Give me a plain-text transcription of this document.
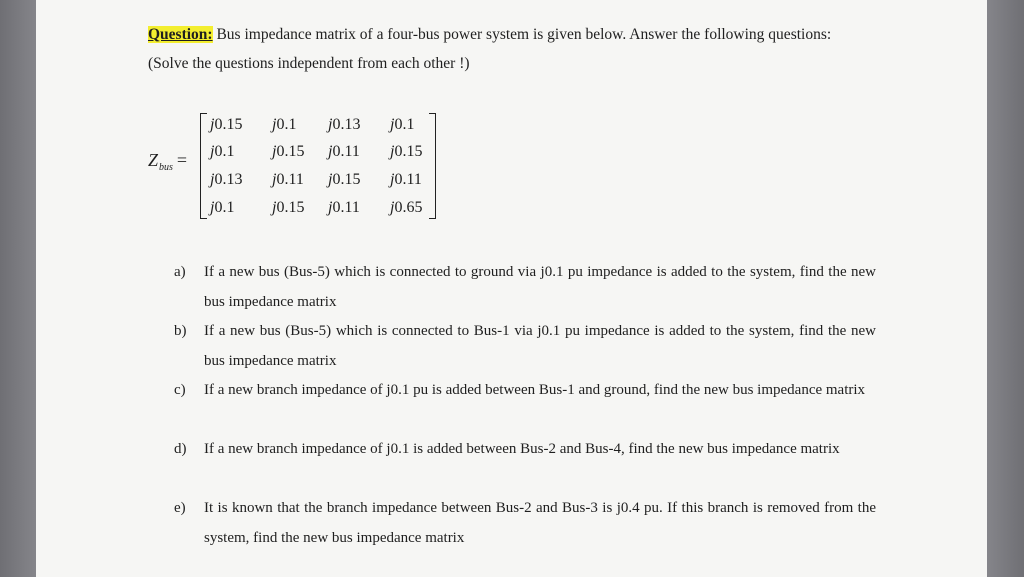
Question: Bus impedance matrix of a four-bus power system is given below. Answer the following questions: (Solve the questions independent from each other !)
$Z_{bus}$ =
j0.15 j0.1 j0.13 j0.1
j0.1 j0.15 j0.11 j0.15
j0.13 j0.11 j0.15 j0.11
j0.1 j0.15 j0.11 j0.65
a) If a new bus (Bus-5) which is connected to ground via j0.1 pu impedance is added to the system, find the new bus impedance matrix
b) If a new bus (Bus-5) which is connected to Bus-1 via j0.1 pu impedance is added to the system, find the new bus impedance matrix
c) If a new branch impedance of j0.1 pu is added between Bus-1 and ground, find the new bus impedance matrix
d) If a new branch impedance of j0.1 is added between Bus-2 and Bus-4, find the new bus impedance matrix
e) It is known that the branch impedance between Bus-2 and Bus-3 is j0.4 pu. If this branch is removed from the system, find the new bus impedance matrix
